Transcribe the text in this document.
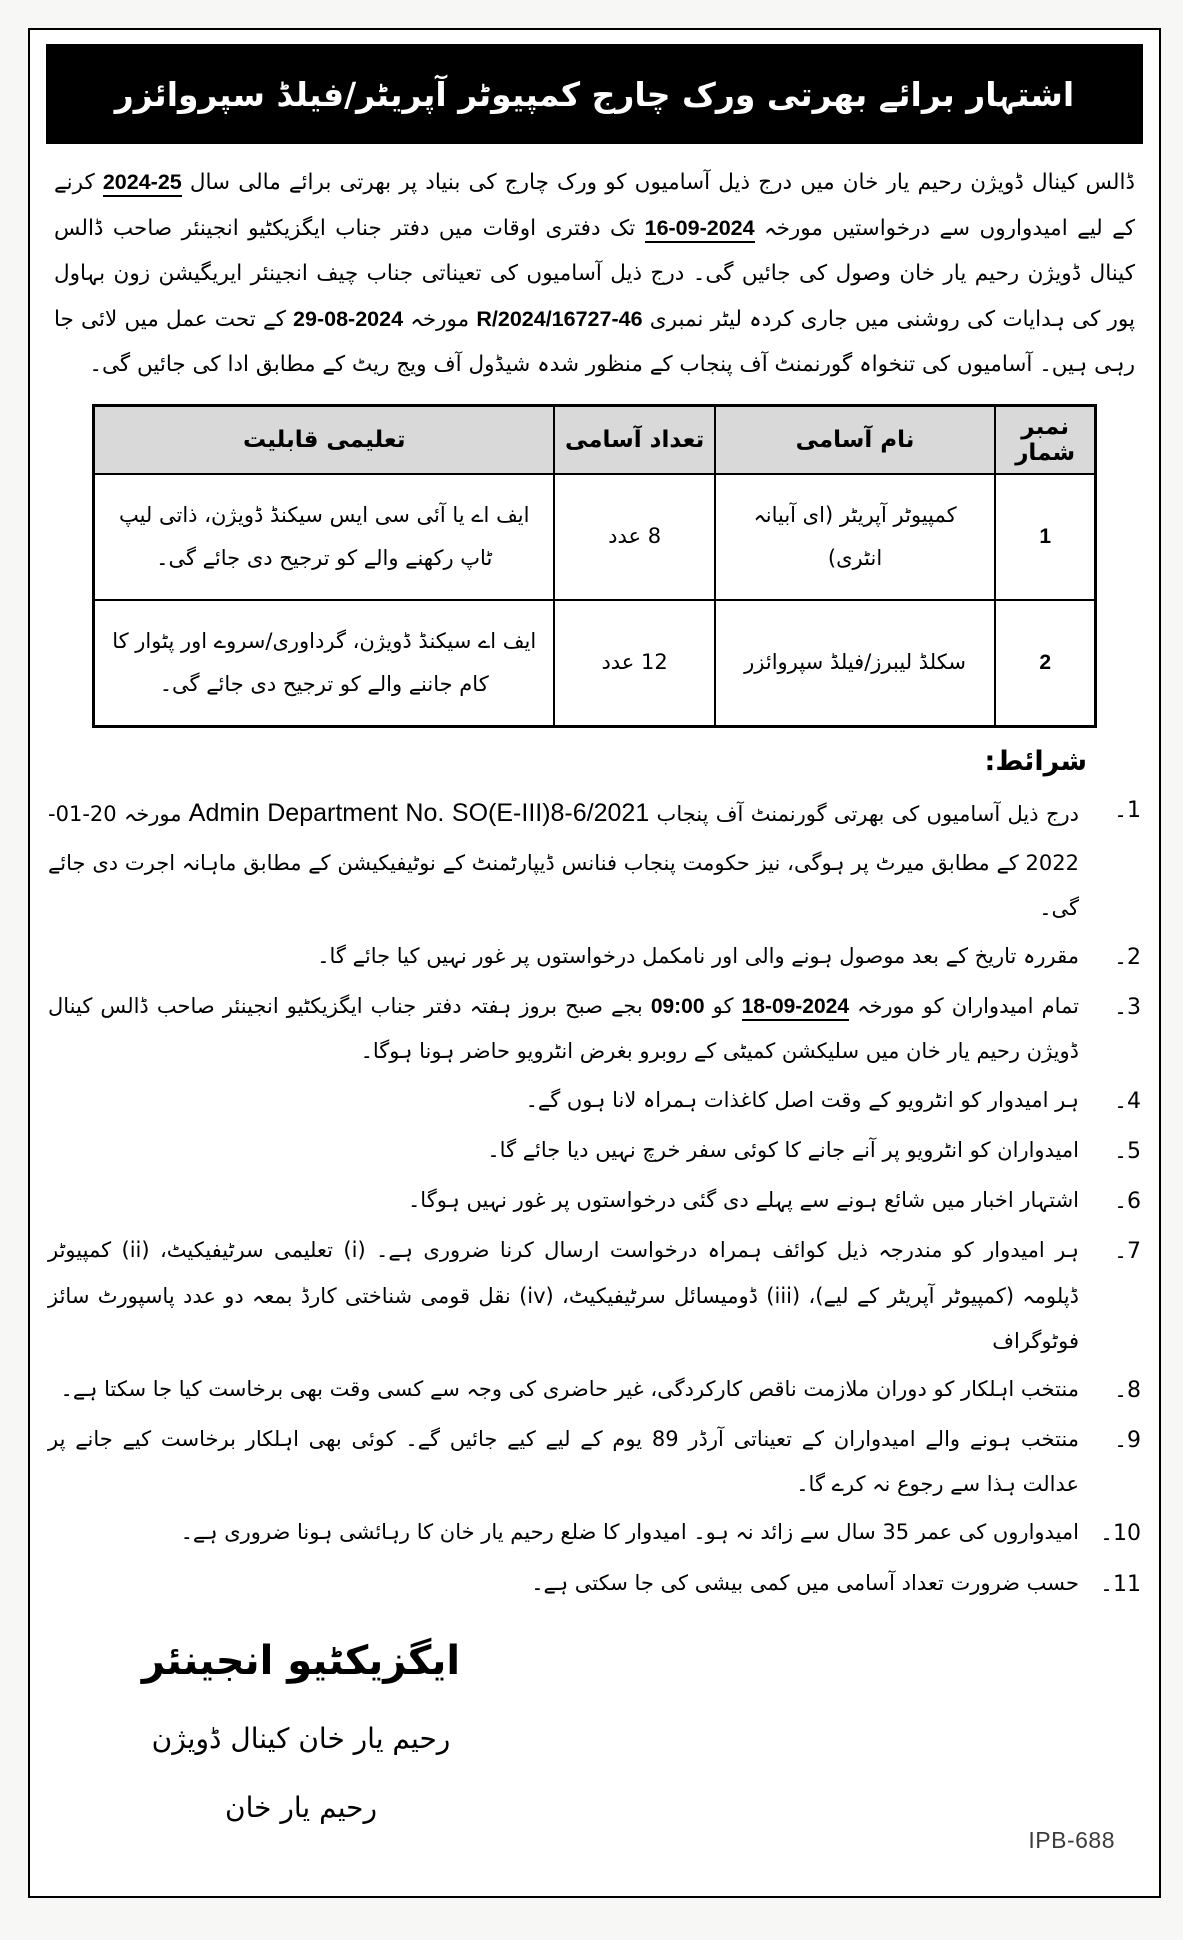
اشتہار برائے بھرتی ورک چارج کمپیوٹر آپریٹر/فیلڈ سپروائزر

ڈالس کینال ڈویژن رحیم یار خان میں درج ذیل آسامیوں کو ورک چارج کی بنیاد پر بھرتی برائے مالی سال 2024-25 کرنے کے لیے امیدواروں سے درخواستیں مورخہ 16-09-2024 تک دفتری اوقات میں دفتر جناب ایگزیکٹیو انجینئر صاحب ڈالس کینال ڈویژن رحیم یار خان وصول کی جائیں گی۔ درج ذیل آسامیوں کی تعیناتی جناب چیف انجینئر ایریگیشن زون بہاول پور کی ہدایات کی روشنی میں جاری کردہ لیٹر نمبری R/2024/16727-46 مورخہ 29-08-2024 کے تحت عمل میں لائی جا رہی ہیں۔ آسامیوں کی تنخواہ گورنمنٹ آف پنجاب کے منظور شدہ شیڈول آف ویج ریٹ کے مطابق ادا کی جائیں گی۔

نمبر شمار	نام آسامی	تعداد آسامی	تعلیمی قابلیت
1	کمپیوٹر آپریٹر (ای آبیانہ انٹری)	8 عدد	ایف اے یا آئی سی ایس سیکنڈ ڈویژن، ذاتی لیپ ٹاپ رکھنے والے کو ترجیح دی جائے گی۔
2	سکلڈ لیبرز/فیلڈ سپروائزر	12 عدد	ایف اے سیکنڈ ڈویژن، گرداوری/سروے اور پٹوار کا کام جاننے والے کو ترجیح دی جائے گی۔
شرائط:
1۔
درج ذیل آسامیوں کی بھرتی گورنمنٹ آف پنجاب Admin Department No. SO(E-III)8-6/2021 مورخہ 20-01-2022 کے مطابق میرٹ پر ہوگی، نیز حکومت پنجاب فنانس ڈیپارٹمنٹ کے نوٹیفیکیشن کے مطابق ماہانہ اجرت دی جائے گی۔
2۔
مقررہ تاریخ کے بعد موصول ہونے والی اور نامکمل درخواستوں پر غور نہیں کیا جائے گا۔
3۔
تمام امیدواران کو مورخہ 18-09-2024 کو 09:00 بجے صبح بروز ہفتہ دفتر جناب ایگزیکٹیو انجینئر صاحب ڈالس کینال ڈویژن رحیم یار خان میں سلیکشن کمیٹی کے روبرو بغرض انٹرویو حاضر ہونا ہوگا۔
4۔
ہر امیدوار کو انٹرویو کے وقت اصل کاغذات ہمراہ لانا ہوں گے۔
5۔
امیدواران کو انٹرویو پر آنے جانے کا کوئی سفر خرچ نہیں دیا جائے گا۔
6۔
اشتہار اخبار میں شائع ہونے سے پہلے دی گئی درخواستوں پر غور نہیں ہوگا۔
7۔
ہر امیدوار کو مندرجہ ذیل کوائف ہمراہ درخواست ارسال کرنا ضروری ہے۔ (i) تعلیمی سرٹیفیکیٹ، (ii) کمپیوٹر ڈپلومہ (کمپیوٹر آپریٹر کے لیے)، (iii) ڈومیسائل سرٹیفیکیٹ، (iv) نقل قومی شناختی کارڈ بمعہ دو عدد پاسپورٹ سائز فوٹوگراف
8۔
منتخب اہلکار کو دوران ملازمت ناقص کارکردگی، غیر حاضری کی وجہ سے کسی وقت بھی برخاست کیا جا سکتا ہے۔
9۔
منتخب ہونے والے امیدواران کے تعیناتی آرڈر 89 یوم کے لیے کیے جائیں گے۔ کوئی بھی اہلکار برخاست کیے جانے پر عدالت ہذا سے رجوع نہ کرے گا۔
10۔
امیدواروں کی عمر 35 سال سے زائد نہ ہو۔ امیدوار کا ضلع رحیم یار خان کا رہائشی ہونا ضروری ہے۔
11۔
حسب ضرورت تعداد آسامی میں کمی بیشی کی جا سکتی ہے۔
ایگزیکٹیو انجینئر
رحیم یار خان کینال ڈویژن
رحیم یار خان
IPB-688
